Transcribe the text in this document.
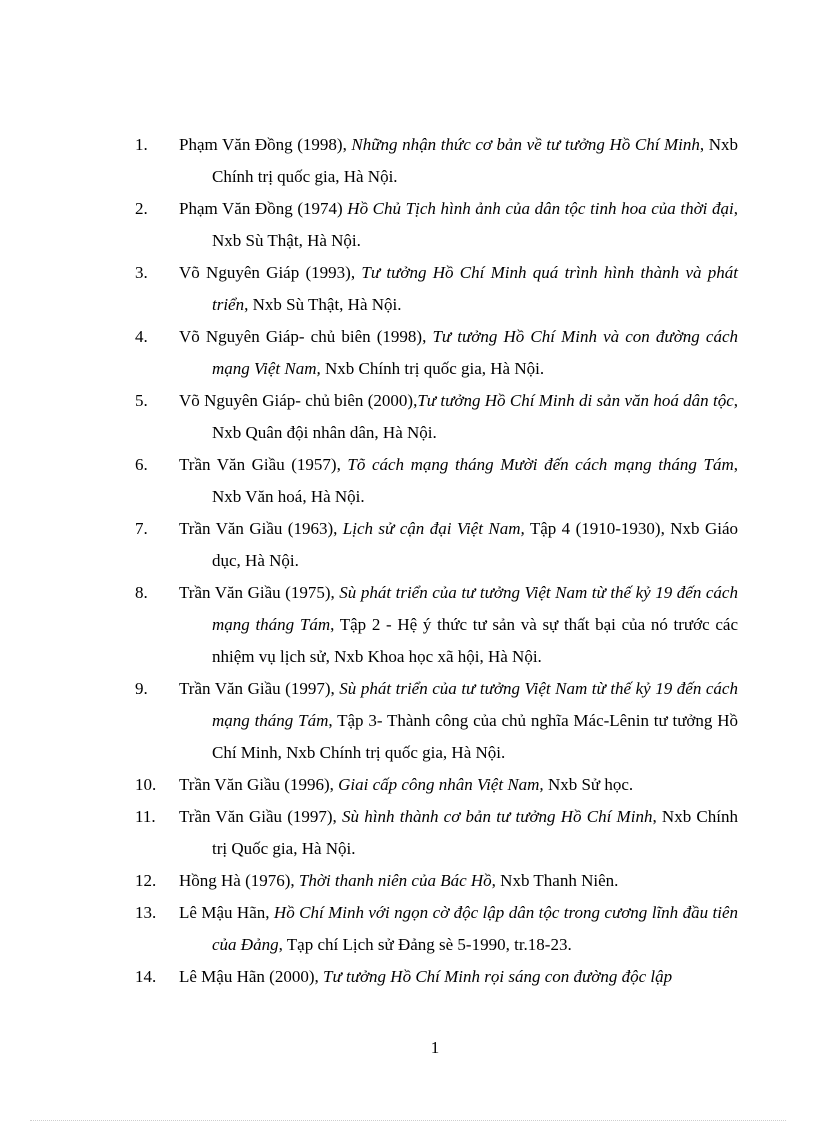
1.	Phạm Văn Đồng (1998), Những nhận thức cơ bản về tư tưởng Hồ Chí Minh, Nxb Chính trị quốc gia, Hà Nội.
2.	Phạm Văn Đồng (1974) Hồ Chủ Tịch hình ảnh của dân tộc tinh hoa của thời đại, Nxb Sù Thật, Hà Nội.
3.	Võ Nguyên Giáp (1993), Tư tưởng Hồ Chí Minh quá trình hình thành và phát triển, Nxb Sù Thật, Hà Nội.
4.	Võ Nguyên Giáp- chủ biên (1998), Tư tưởng Hồ Chí Minh và con đường cách mạng Việt Nam, Nxb Chính trị quốc gia, Hà Nội.
5.	Võ Nguyên Giáp- chủ biên (2000),Tư tưởng Hồ Chí Minh di sản văn hoá dân tộc, Nxb Quân đội nhân dân, Hà Nội.
6.	Trần Văn Giầu (1957), Tõ cách mạng tháng Mười đến cách mạng tháng Tám, Nxb Văn hoá, Hà Nội.
7.	Trần Văn Giầu (1963), Lịch sử cận đại Việt Nam, Tập 4 (1910-1930), Nxb Giáo dục, Hà Nội.
8.	Trần Văn Giầu (1975), Sù phát triển của tư tưởng Việt Nam từ thế kỷ 19 đến cách mạng tháng Tám, Tập 2 - Hệ ý thức tư sản và sự thất bại của nó trước các nhiệm vụ lịch sử, Nxb Khoa học xã hội, Hà Nội.
9.	Trần Văn Giầu (1997), Sù phát triển của tư tưởng Việt Nam từ thế kỷ 19 đến cách mạng tháng Tám, Tập 3- Thành công của chủ nghĩa Mác-Lênin tư tưởng Hồ Chí Minh, Nxb Chính trị quốc gia, Hà Nội.
10.	Trần Văn Giầu (1996), Giai cấp công nhân Việt Nam, Nxb Sử học.
11.	Trần Văn Giầu (1997), Sù hình thành cơ bản tư tưởng Hồ Chí Minh, Nxb Chính trị Quốc gia, Hà Nội.
12.	Hồng Hà (1976), Thời thanh niên của Bác Hồ, Nxb Thanh Niên.
13.	Lê Mậu Hãn, Hồ Chí Minh với ngọn cờ độc lập dân tộc trong cương lĩnh đầu tiên của Đảng, Tạp chí Lịch sử Đảng sè 5-1990, tr.18-23.
14.	Lê Mậu Hãn (2000), Tư tưởng Hồ Chí Minh rọi sáng con đường độc lập
1
